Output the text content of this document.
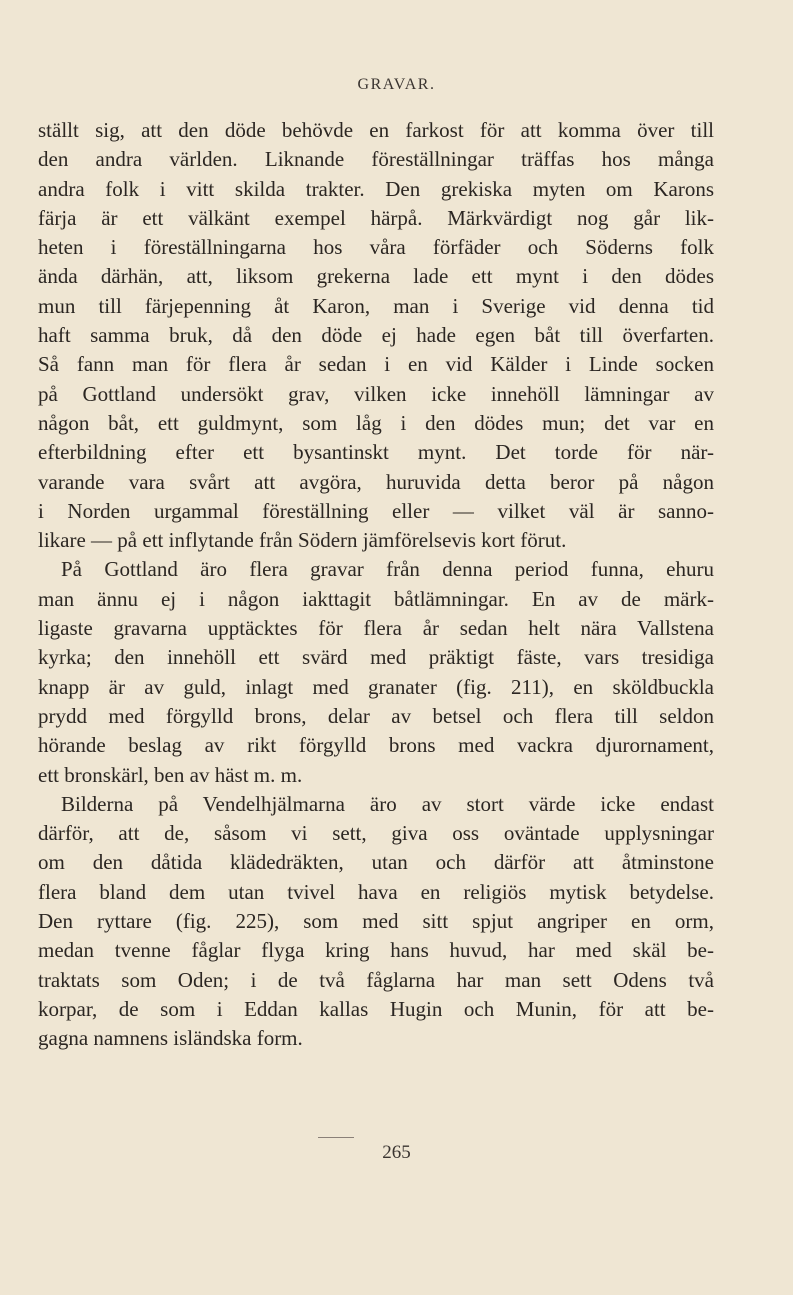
GRAVAR.
ställt sig, att den döde behövde en farkost för att komma över till
den andra världen. Liknande föreställningar träffas hos många
andra folk i vitt skilda trakter. Den grekiska myten om Karons
färja är ett välkänt exempel härpå. Märkvärdigt nog går lik-
heten i föreställningarna hos våra förfäder och Söderns folk
ända därhän, att, liksom grekerna lade ett mynt i den dödes
mun till färjepenning åt Karon, man i Sverige vid denna tid
haft samma bruk, då den döde ej hade egen båt till överfarten.
Så fann man för flera år sedan i en vid Kälder i Linde socken
på Gottland undersökt grav, vilken icke innehöll lämningar av
någon båt, ett guldmynt, som låg i den dödes mun; det var en
efterbildning efter ett bysantinskt mynt. Det torde för när-
varande vara svårt att avgöra, huruvida detta beror på någon
i Norden urgammal föreställning eller — vilket väl är sanno-
likare — på ett inflytande från Södern jämförelsevis kort förut.
På Gottland äro flera gravar från denna period funna, ehuru
man ännu ej i någon iakttagit båtlämningar. En av de märk-
ligaste gravarna upptäcktes för flera år sedan helt nära Vallstena
kyrka; den innehöll ett svärd med präktigt fäste, vars tresidiga
knapp är av guld, inlagt med granater (fig. 211), en sköldbuckla
prydd med förgylld brons, delar av betsel och flera till seldon
hörande beslag av rikt förgylld brons med vackra djurornament,
ett bronskärl, ben av häst m. m.
Bilderna på Vendelhjälmarna äro av stort värde icke endast
därför, att de, såsom vi sett, giva oss oväntade upplysningar
om den dåtida klädedräkten, utan och därför att åtminstone
flera bland dem utan tvivel hava en religiös mytisk betydelse.
Den ryttare (fig. 225), som med sitt spjut angriper en orm,
medan tvenne fåglar flyga kring hans huvud, har med skäl be-
traktats som Oden; i de två fåglarna har man sett Odens två
korpar, de som i Eddan kallas Hugin och Munin, för att be-
gagna namnens isländska form.
265
